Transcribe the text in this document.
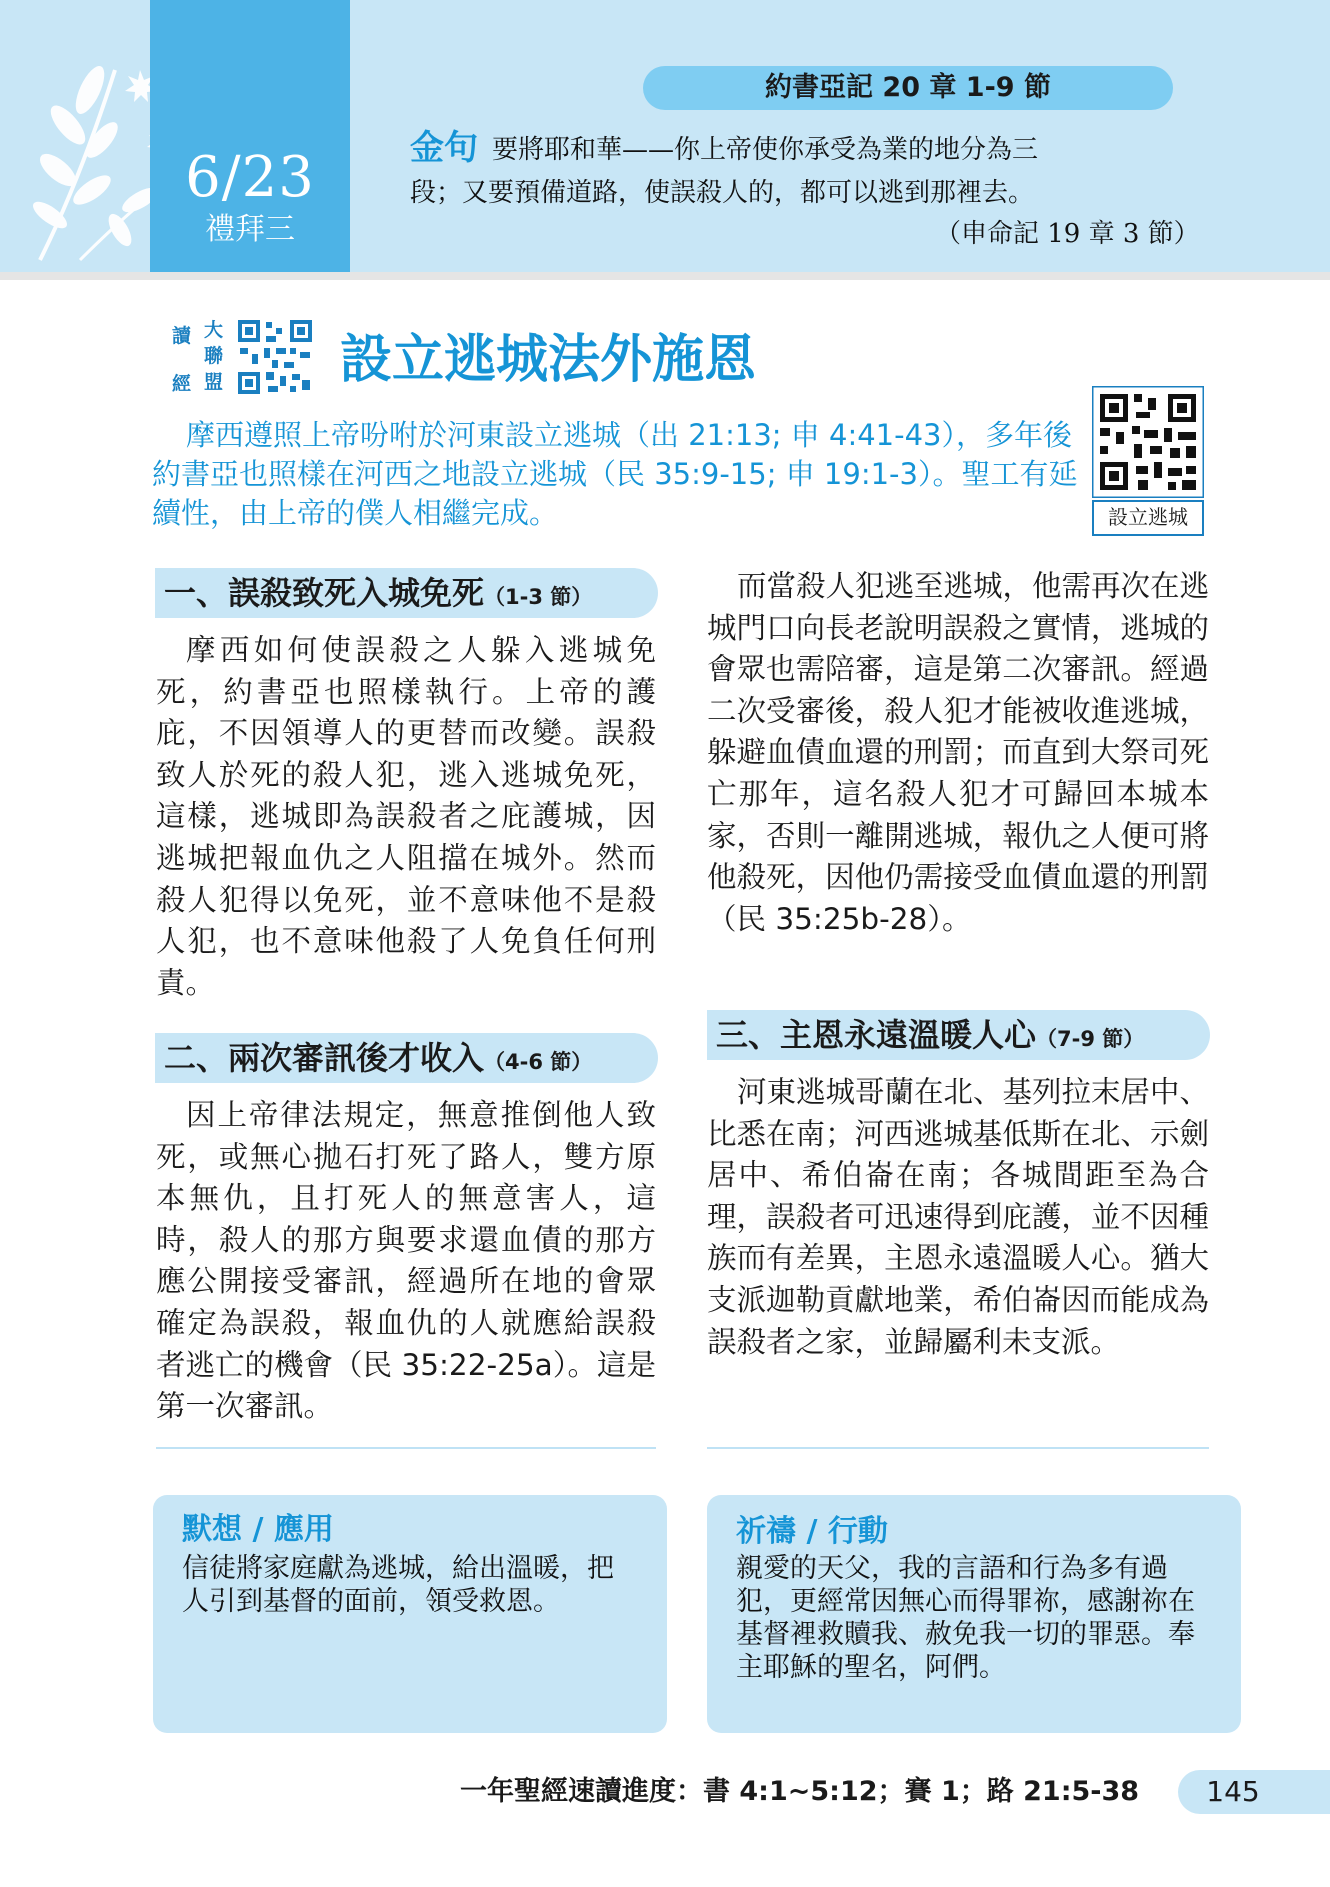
6/23
禮拜三
約書亞記 20 章 1-9 節
金句 要將耶和華——你上帝使你承受為業的地分為三
段；又要預備道路，使誤殺人的，都可以逃到那裡去。
（申命記 19 章 3 節）
讀
經
大
聯
盟 設立逃城法外施恩
摩西遵照上帝吩咐於河東設立逃城（出 21:13; 申 4:41-43），多年後約書亞也照樣在河西之地設立逃城（民 35:9-15; 申 19:1-3）。聖工有延續性，由上帝的僕人相繼完成。	設立逃城
一、誤殺致死入城免死（1-3 節）
摩西如何使誤殺之人躲入逃城免死，約書亞也照樣執行。上帝的護庇，不因領導人的更替而改變。誤殺致人於死的殺人犯，逃入逃城免死，這樣，逃城即為誤殺者之庇護城，因逃城把報血仇之人阻擋在城外。然而殺人犯得以免死，並不意味他不是殺人犯，也不意味他殺了人免負任何刑責。
二、兩次審訊後才收入（4-6 節）
因上帝律法規定，無意推倒他人致死，或無心拋石打死了路人，雙方原本無仇，且打死人的無意害人，這時，殺人的那方與要求還血債的那方應公開接受審訊，經過所在地的會眾確定為誤殺，報血仇的人就應給誤殺者逃亡的機會（民 35:22-25a）。這是第一次審訊。
而當殺人犯逃至逃城，他需再次在逃城門口向長老說明誤殺之實情，逃城的會眾也需陪審，這是第二次審訊。經過二次受審後，殺人犯才能被收進逃城，躲避血債血還的刑罰；而直到大祭司死亡那年，這名殺人犯才可歸回本城本家，否則一離開逃城，報仇之人便可將他殺死，因他仍需接受血債血還的刑罰（民 35:25b-28）。
三、主恩永遠溫暖人心（7-9 節）
河東逃城哥蘭在北、基列拉末居中、比悉在南；河西逃城基低斯在北、示劍居中、希伯崙在南；各城間距至為合理，誤殺者可迅速得到庇護，並不因種族而有差異，主恩永遠溫暖人心。猶大支派迦勒貢獻地業，希伯崙因而能成為誤殺者之家，並歸屬利未支派。
默想 / 應用
信徒將家庭獻為逃城，給出溫暖，把人引到基督的面前，領受救恩。
祈禱 / 行動
親愛的天父，我的言語和行為多有過犯，更經常因無心而得罪祢，感謝祢在基督裡救贖我、赦免我一切的罪惡。奉主耶穌的聖名，阿們。
一年聖經速讀進度：書 4:1~5:12；賽 1；路 21:5-38	145
